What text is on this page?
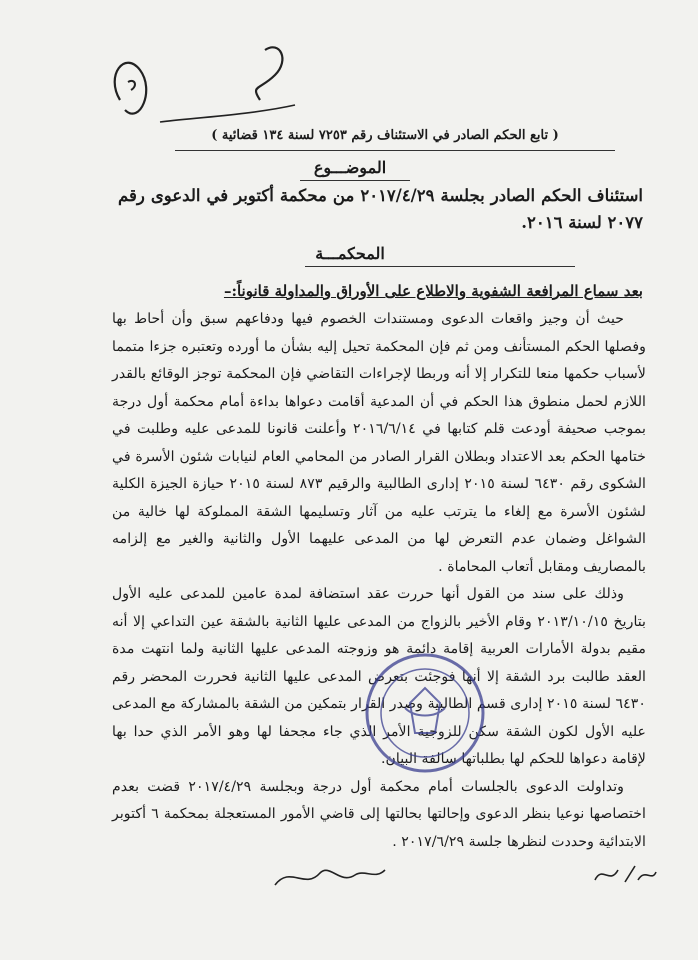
( تابع الحكم الصادر في الاستئناف رقم ٧٢٥٣ لسنة ١٣٤ قضائية )
الموضـــوع
استئناف الحكم الصادر بجلسة ٢٠١٧/٤/٢٩ من محكمة أكتوبر في الدعوى رقم ٢٠٧٧ لسنة ٢٠١٦.
المحكمـــة
بعد سماع المرافعة الشفوية والاطلاع على الأوراق والمداولة قانوناً:–

حيث أن وجيز واقعات الدعوى ومستندات الخصوم فيها ودفاعهم سبق وأن أحاط بها وفصلها الحكم المستأنف ومن ثم فإن المحكمة تحيل إليه بشأن ما أورده وتعتبره جزءا متمما لأسباب حكمها منعا للتكرار إلا أنه وربطا لإجراءات التقاضي فإن المحكمة توجز الوقائع بالقدر اللازم لحمل منطوق هذا الحكم في أن المدعية أقامت دعواها بداءة أمام محكمة أول درجة بموجب صحيفة أودعت قلم كتابها في ٢٠١٦/٦/١٤ وأعلنت قانونا للمدعى عليه وطلبت في ختامها الحكم بعد الاعتداد وبطلان القرار الصادر من المحامي العام لنيابات شئون الأسرة في الشكوى رقم ٦٤٣٠ لسنة ٢٠١٥ إدارى الطالبية والرقيم ٨٧٣ لسنة ٢٠١٥ حيازة الجيزة الكلية لشئون الأسرة مع إلغاء ما يترتب عليه من آثار وتسليمها الشقة المملوكة لها خالية من الشواغل وضمان عدم التعرض لها من المدعى عليهما الأول والثانية والغير مع إلزامه بالمصاريف ومقابل أتعاب المحاماة .

وذلك على سند من القول أنها حررت عقد استضافة لمدة عامين للمدعى عليه الأول بتاريخ ٢٠١٣/١٠/١٥ وقام الأخير بالزواج من المدعى عليها الثانية بالشقة عين التداعي إلا أنه مقيم بدولة الأمارات العربية إقامة دائمة هو وزوجته المدعى عليها الثانية ولما انتهت مدة العقد طالبت برد الشقة إلا أنها فوجئت بتعرض المدعى عليها الثانية فحررت المحضر رقم ٦٤٣٠ لسنة ٢٠١٥ إدارى قسم الطالبية وصدر القرار بتمكين من الشقة بالمشاركة مع المدعى عليه الأول لكون الشقة سكن للزوجية الأمر الذي جاء مجحفا لها وهو الأمر الذي حدا بها لإقامة دعواها للحكم لها بطلباتها سالفة البيان.

وتداولت الدعوى بالجلسات أمام محكمة أول درجة وبجلسة ٢٠١٧/٤/٢٩ قضت بعدم اختصاصها نوعيا بنظر الدعوى وإحالتها بحالتها إلى قاضي الأمور المستعجلة بمحكمة ٦ أكتوبر الابتدائية وحددت لنظرها جلسة ٢٠١٧/٦/٢٩ .
